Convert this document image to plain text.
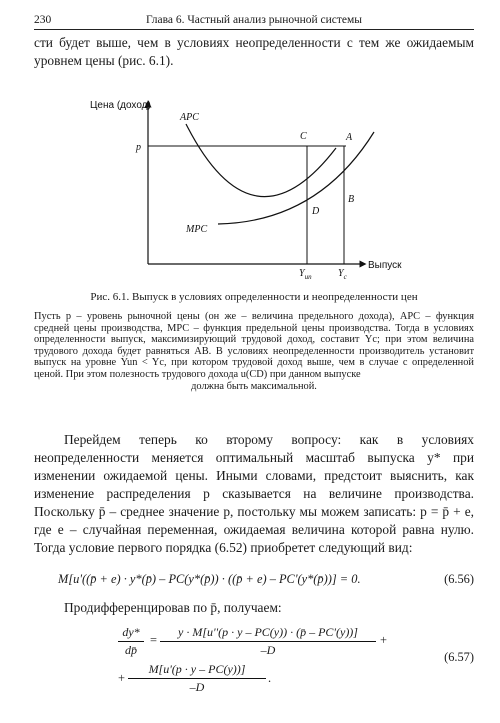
230	Глава 6. Частный анализ рыночной системы
сти будет выше, чем в условиях неопределенности с тем же ожидаемым уровнем цены (рис. 6.1).
Цена (доход)
Выпуск
p
APC
MPC
C	A
B
D
$Y_{un}$	$Y_c$
Рис. 6.1. Выпуск в условиях определенности и неопределенности цен
Пусть p – уровень рыночной цены (он же – величина предельного дохода), APC – функция средней цены производства, MPC – функция предельной цены производства. Тогда в условиях определенности выпуск, максимизирующий трудовой доход, составит Yc; при этом величина трудового дохода будет равняться AB. В условиях неопределенности производитель установит выпуск на уровне Yun < Yc, при котором трудовой доход выше, чем в случае с определенной ценой. При этом полезность трудового дохода u(CD) при данном выпуске
должна быть максимальной.
Перейдем теперь ко второму вопросу: как в условиях неопределенности меняется оптимальный масштаб выпуска y* при изменении ожидаемой цены. Иными словами, предстоит выяснить, как изменение распределения p сказывается на величине производства. Поскольку p̄ – среднее значение p, постольку мы можем записать: p = p̄ + e, где e – случайная переменная, ожидаемая величина которой равна нулю. Тогда условие первого порядка (6.52) приобретет следующий вид:
M[u'((p̄ + e) · y*(p̄) – PC(y*(p̄)) · ((p̄ + e) – PC'(y*(p̄))] = 0.	(6.56)
Продифференцировав по p̄, получаем:
$\frac{dy*}{dp̄} = \frac{y \cdot M[u''(p \cdot y - PC(y)) \cdot (p̄ - PC'(y))]}{-D}$ +
(6.57)
+ $\frac{M[u'(p \cdot y - PC(y))]}{-D}$ .
